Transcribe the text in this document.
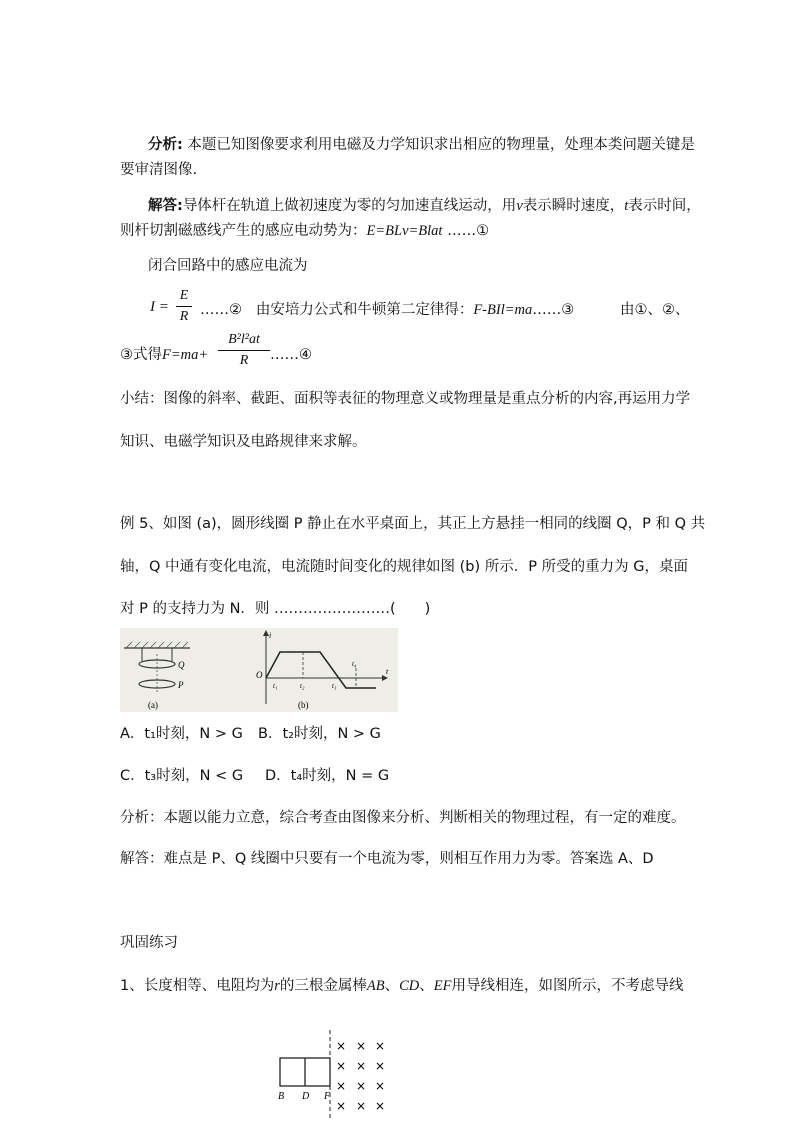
分析: 本题已知图像要求利用电磁及力学知识求出相应的物理量，处理本类问题关键是
要审清图像.
解答:导体杆在轨道上做初速度为零的匀加速直线运动，用v表示瞬时速度，t表示时间，
则杆切割磁感线产生的感应电动势为：E=BLv=Blat ……①
闭合回路中的感应电流为
I =
E
R ……② 由安培力公式和牛顿第二定律得：F-BIl=ma……③	由①、②、
③式得F=ma+
B²l²at
R	……④
小结：图像的斜率、截距、面积等表征的物理意义或物理量是重点分析的内容,再运用力学
知识、电磁学知识及电路规律来求解。
例 5、如图 (a)，圆形线圈 P 静止在水平桌面上，其正上方悬挂一相同的线圈 Q，P 和 Q 共
轴，Q 中通有变化电流，电流随时间变化的规律如图 (b) 所示．P 所受的重力为 G，桌面
对 P 的支持力为 N．则 ……………………(　　)
Q
P
(a)
i
t
O
t₁	t₂	t₃
t₄
(b)
A．t₁时刻，N > G B．t₂时刻，N > G
C．t₃时刻，N < G D．t₄时刻，N = G
分析：本题以能力立意，综合考查由图像来分析、判断相关的物理过程，有一定的难度。
解答：难点是 P、Q 线圈中只要有一个电流为零，则相互作用力为零。答案选 A、D
巩固练习
1、长度相等、电阻均为r的三根金属棒AB、CD、EF用导线相连，如图所示，不考虑导线
B D F
× × ×
× × ×
× × ×
× × ×
